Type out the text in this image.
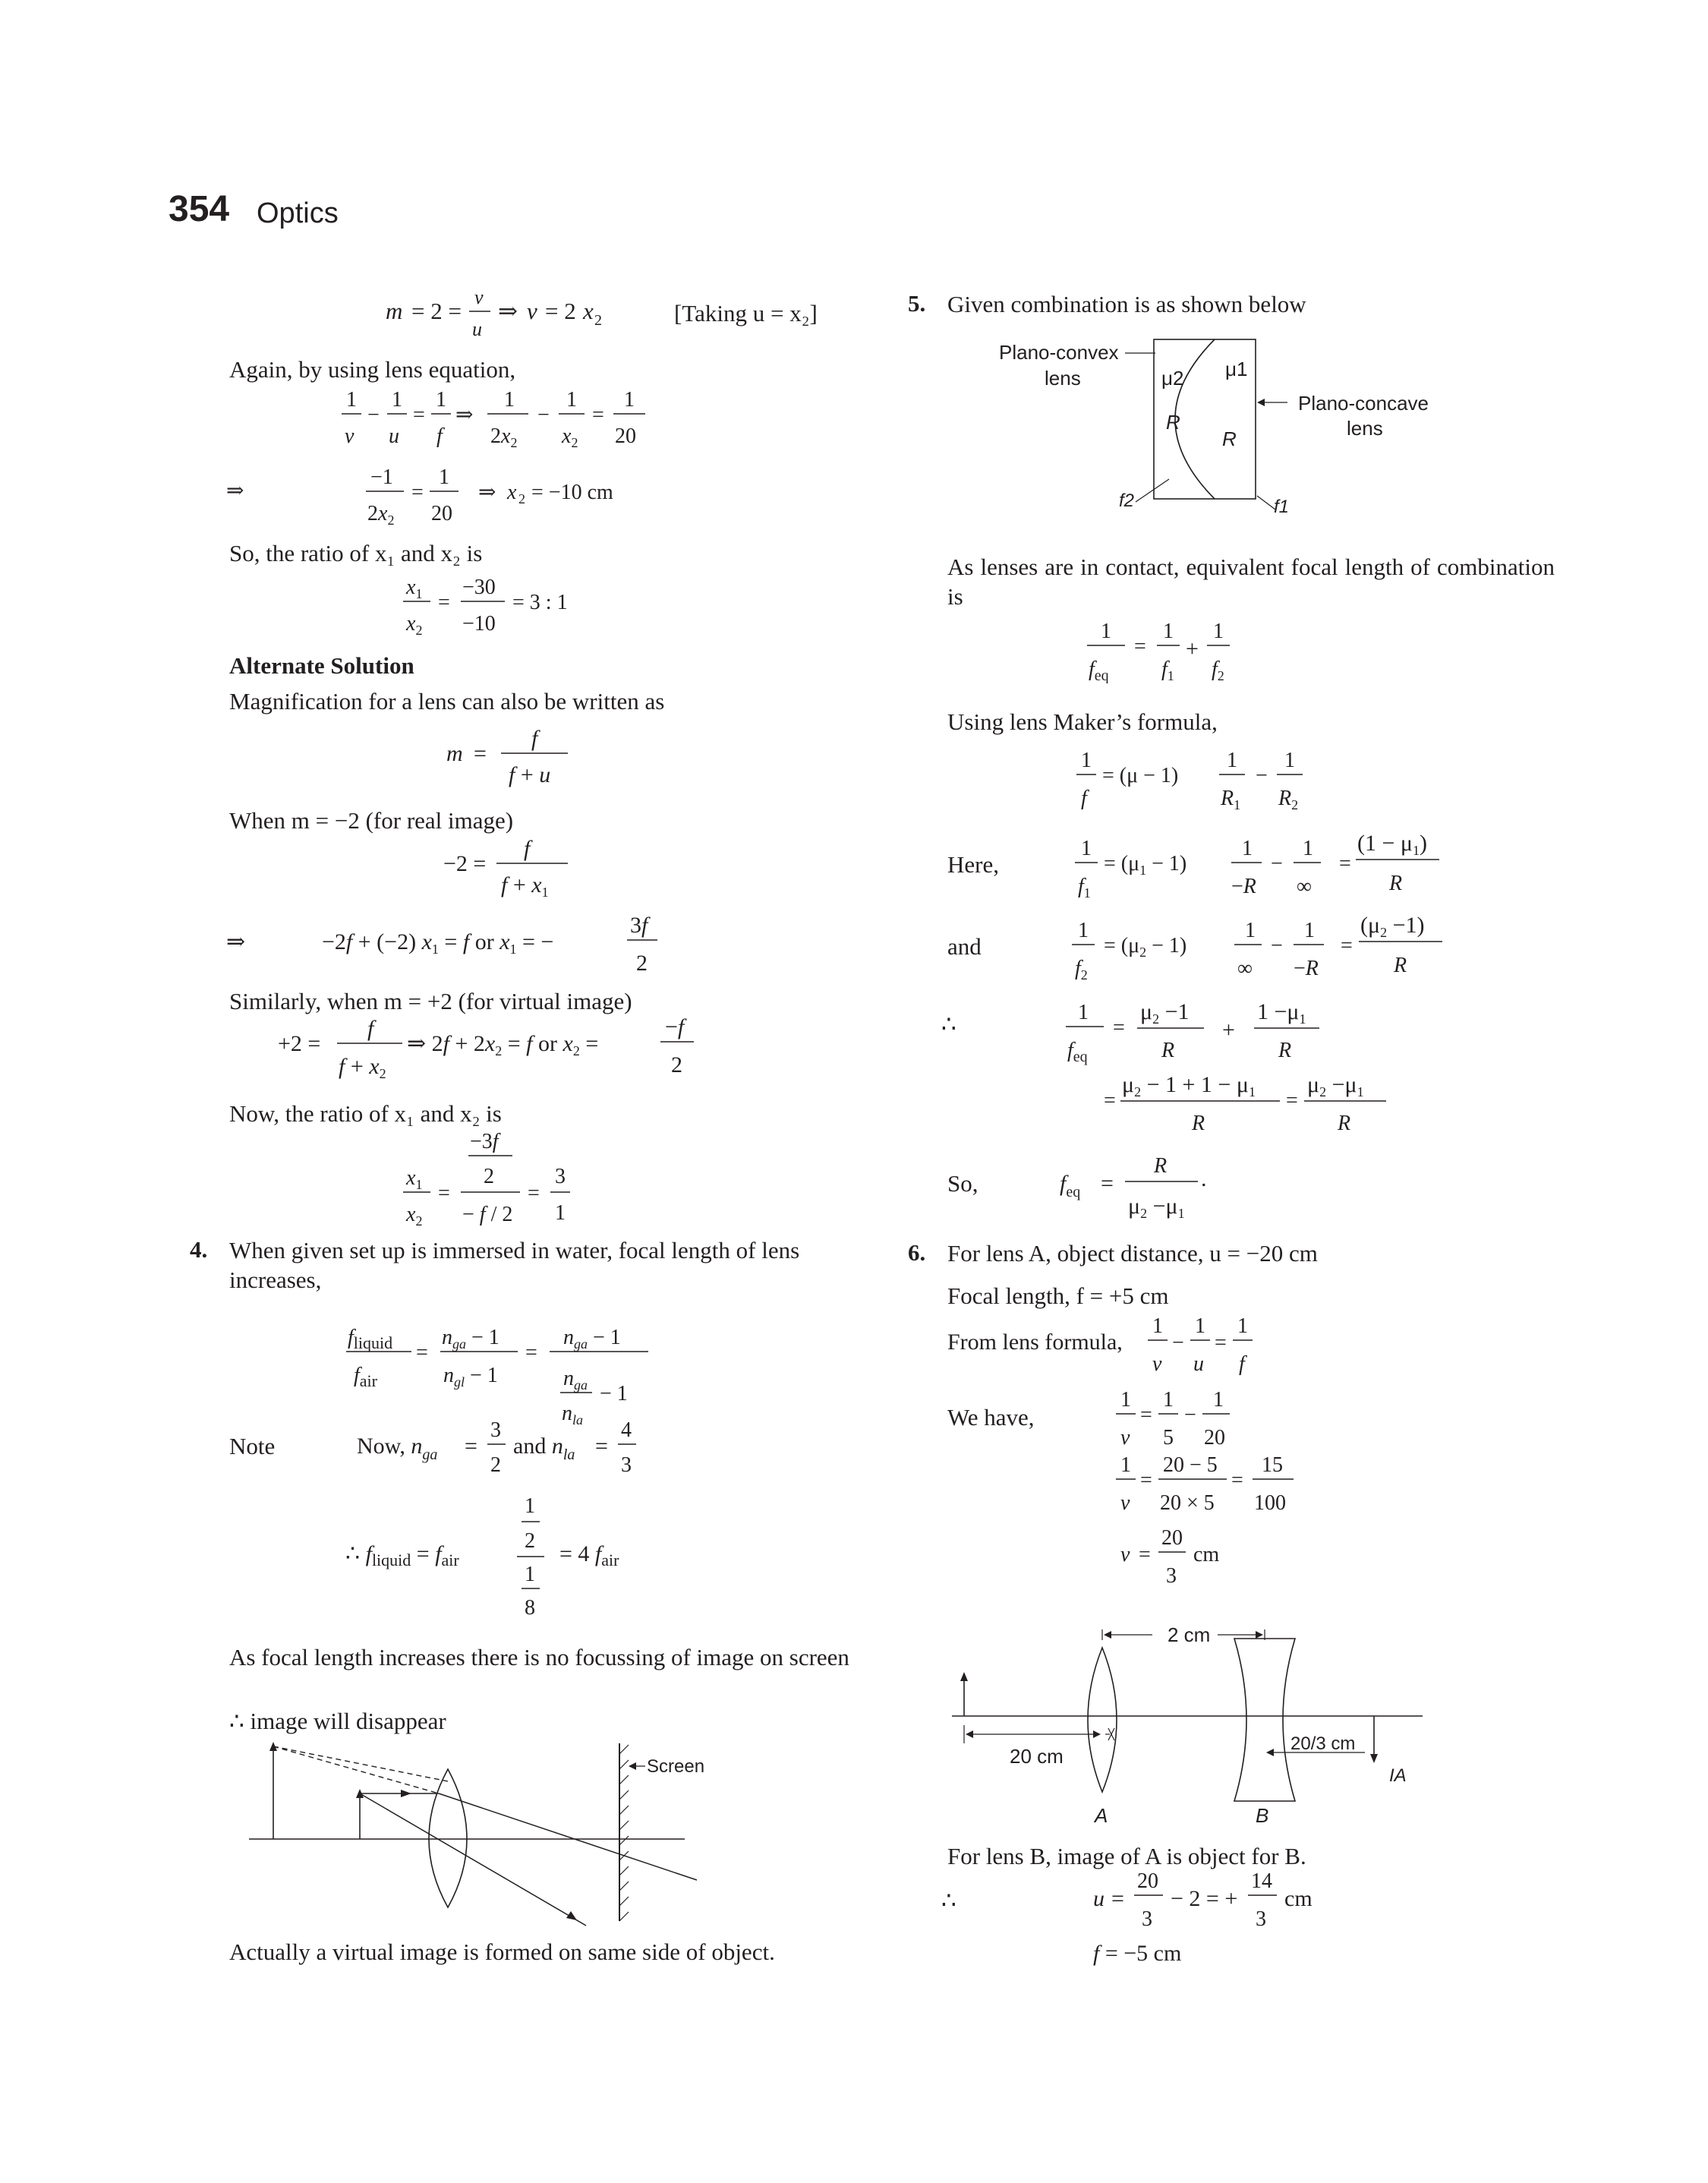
354 Optics
m = 2 =
v
u
⇒ v = 2 x 2	[Taking u = x₂]
Again, by using lens equation,
1
v
−
1
u
=
1
f
⇒
1
$2x_2$
−
1
$x_2$
=
1
20
⇒
−1
$2x_2$
=
1
20
⇒ x 2 = −10 cm
So, the ratio of x₁ and x₂ is
$x_1$
$x_2$
=
−30
−10
= 3 : 1
Alternate Solution
Magnification for a lens can also be written as
m =
f
f + u
When m = −2 (for real image)
−2 =
f
$f + x_1$
⇒	−2f + (−2) $x_1 = f$ or $x_1$ = −
3f
2
Similarly, when m = +2 (for virtual image)
+2 =
f
$f + x_2$
⇒ $2f + 2x_2 = f$ or $x_2$ =
−f
2
Now, the ratio of x₁ and x₂ is
$x_1$
$x_2$
=
−3f
2
− f / 2
=
3
1
4. When given set up is immersed in water, focal length of lens increases,
$f_{liquid}$
$f_{air}$
=
$n_{ga} - 1$
$n_{gl} - 1$
=
$n_{ga} - 1$
$n_{ga}$
$n_{la}$
− 1
Note	Now, $n_{ga}$ =
3
2
and $n_{la}$ =
4
3
∴ $f_{liquid} = f_{air}$
1
2
1
8
= 4 $f_{air}$
As focal length increases there is no focussing of image on screen
∴ image will disappear
Screen
Actually a virtual image is formed on same side of object.
5. Given combination is as shown below
Plano-convex
lens	μ2 μ1
R
R
Plano-concave
lens
f2	f1
As lenses are in contact, equivalent focal length of combination is
1
$f_{eq}$
=
1
$f_1$
+
1
$f_2$
Using lens Maker’s formula,
1
f
= (μ − 1)
1
$R_1$
−
1
$R_2$
Here,
1
$f_1$
= $(\mu_1 - 1)$
1
−R
−
1
∞
=
$(1 - \mu_1)$
R
and
1
$f_2$
= $(\mu_2 - 1)$
1
∞
−
1
−R
=
$(\mu_2 -1)$
R
∴	1
$f_{eq}$
=
$\mu_2 -1$
R
+
$1 -\mu_1$
R
=
$\mu_2 - 1 + 1 - \mu_1$
R
=
$\mu_2 -\mu_1$
R
So,	$f_{eq}$ =
R
.
$\mu_2 -\mu_1$
6. For lens A, object distance, u = −20 cm
Focal length, f = +5 cm
From lens formula,
1
v
−
1
u
=
1
f
We have,
1
v
=
1
5
−
1
20
1
v
=
20 − 5
20 × 5
=
15
100
v =
20
3
cm
2 cm
20 cm
20/3 cm
IA
A	B
For lens B, image of A is object for B.
∴	u =
20
3
− 2 = +
14
3
cm
f = −5 cm
